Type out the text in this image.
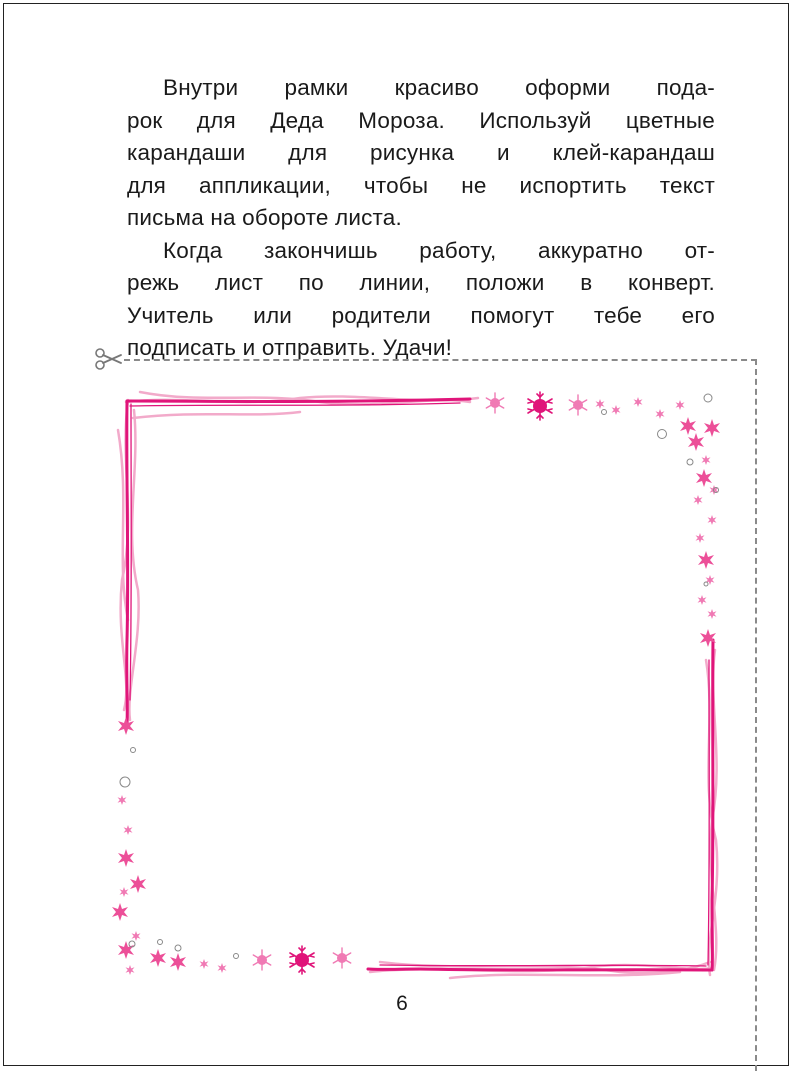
Внутри рамки красиво оформи пода-
рок для Деда Мороза. Используй цветные
карандаши для рисунка и клей-карандаш
для аппликации, чтобы не испортить текст
письма на обороте листа.

Когда закончишь работу, аккуратно от-
режь лист по линии, положи в конверт.
Учитель или родители помогут тебе его
подписать и отправить. Удачи!

6
